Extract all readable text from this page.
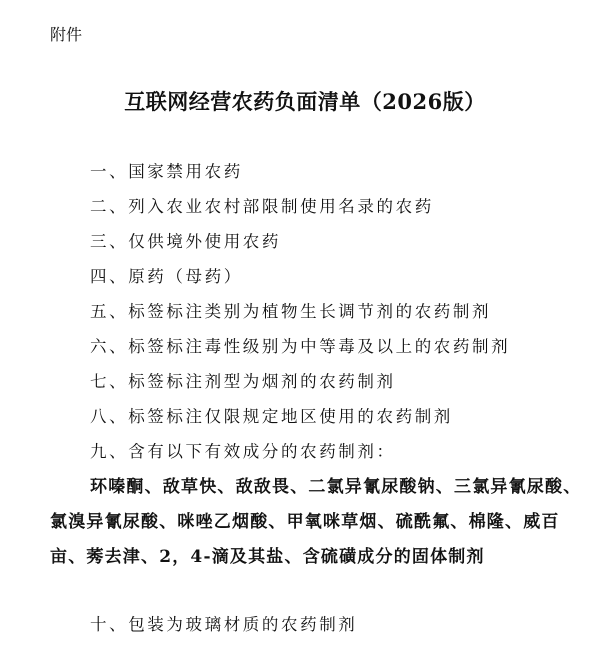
附件
互联网经营农药负面清单（2026版）
一、国家禁用农药
二、列入农业农村部限制使用名录的农药
三、仅供境外使用农药
四、原药（母药）
五、标签标注类别为植物生长调节剂的农药制剂
六、标签标注毒性级别为中等毒及以上的农药制剂
七、标签标注剂型为烟剂的农药制剂
八、标签标注仅限规定地区使用的农药制剂
九、含有以下有效成分的农药制剂：

环嗪酮、敌草快、敌敌畏、二氯异氰尿酸钠、三氯异氰尿酸、氯溴异氰尿酸、咪唑乙烟酸、甲氧咪草烟、硫酰氟、棉隆、威百亩、莠去津、2，4-滴及其盐、含硫磺成分的固体制剂

十、包装为玻璃材质的农药制剂
